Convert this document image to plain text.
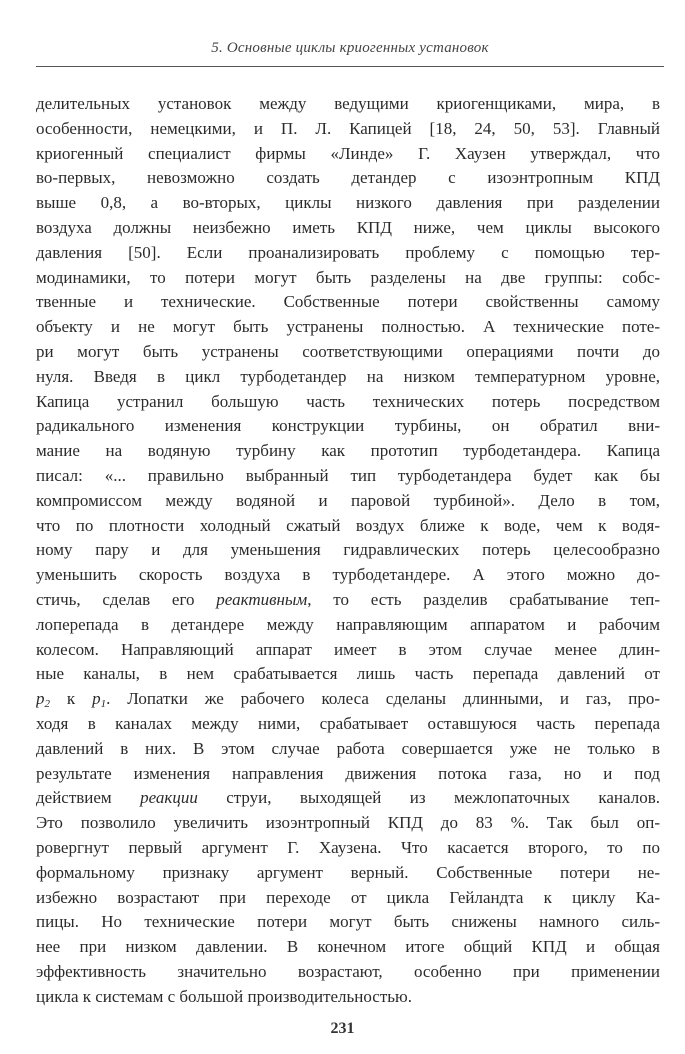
5. Основные циклы криогенных установок
делительных установок между ведущими криогенщиками, мира, в
особенности, немецкими, и П. Л. Капицей [18, 24, 50, 53]. Главный
криогенный специалист фирмы «Линде» Г. Хаузен утверждал, что
во-первых, невозможно создать детандер с изоэнтропным КПД
выше 0,8, а во-вторых, циклы низкого давления при разделении
воздуха должны неизбежно иметь КПД ниже, чем циклы высокого
давления [50]. Если проанализировать проблему с помощью тер-
модинамики, то потери могут быть разделены на две группы: собс-
твенные и технические. Собственные потери свойственны самому
объекту и не могут быть устранены полностью. А технические поте-
ри могут быть устранены соответствующими операциями почти до
нуля. Введя в цикл турбодетандер на низком температурном уровне,
Капица устранил большую часть технических потерь посредством
радикального изменения конструкции турбины, он обратил вни-
мание на водяную турбину как прототип турбодетандера. Капица
писал: «... правильно выбранный тип турбодетандера будет как бы
компромиссом между водяной и паровой турбиной». Дело в том,
что по плотности холодный сжатый воздух ближе к воде, чем к водя-
ному пару и для уменьшения гидравлических потерь целесообразно
уменьшить скорость воздуха в турбодетандере. А этого можно до-
стичь, сделав его реактивным, то есть разделив срабатывание теп-
лоперепада в детандере между направляющим аппаратом и рабочим
колесом. Направляющий аппарат имеет в этом случае менее длин-
ные каналы, в нем срабатывается лишь часть перепада давлений от
$p_2$ к $p_1$. Лопатки же рабочего колеса сделаны длинными, и газ, про-
ходя в каналах между ними, срабатывает оставшуюся часть перепада
давлений в них. В этом случае работа совершается уже не только в
результате изменения направления движения потока газа, но и под
действием реакции струи, выходящей из межлопаточных каналов.
Это позволило увеличить изоэнтропный КПД до 83 %. Так был оп-
ровергнут первый аргумент Г. Хаузена. Что касается второго, то по
формальному признаку аргумент верный. Собственные потери не-
избежно возрастают при переходе от цикла Гейландта к циклу Ка-
пицы. Но технические потери могут быть снижены намного силь-
нее при низком давлении. В конечном итоге общий КПД и общая
эффективность значительно возрастают, особенно при применении
цикла к системам с большой производительностью.
231
